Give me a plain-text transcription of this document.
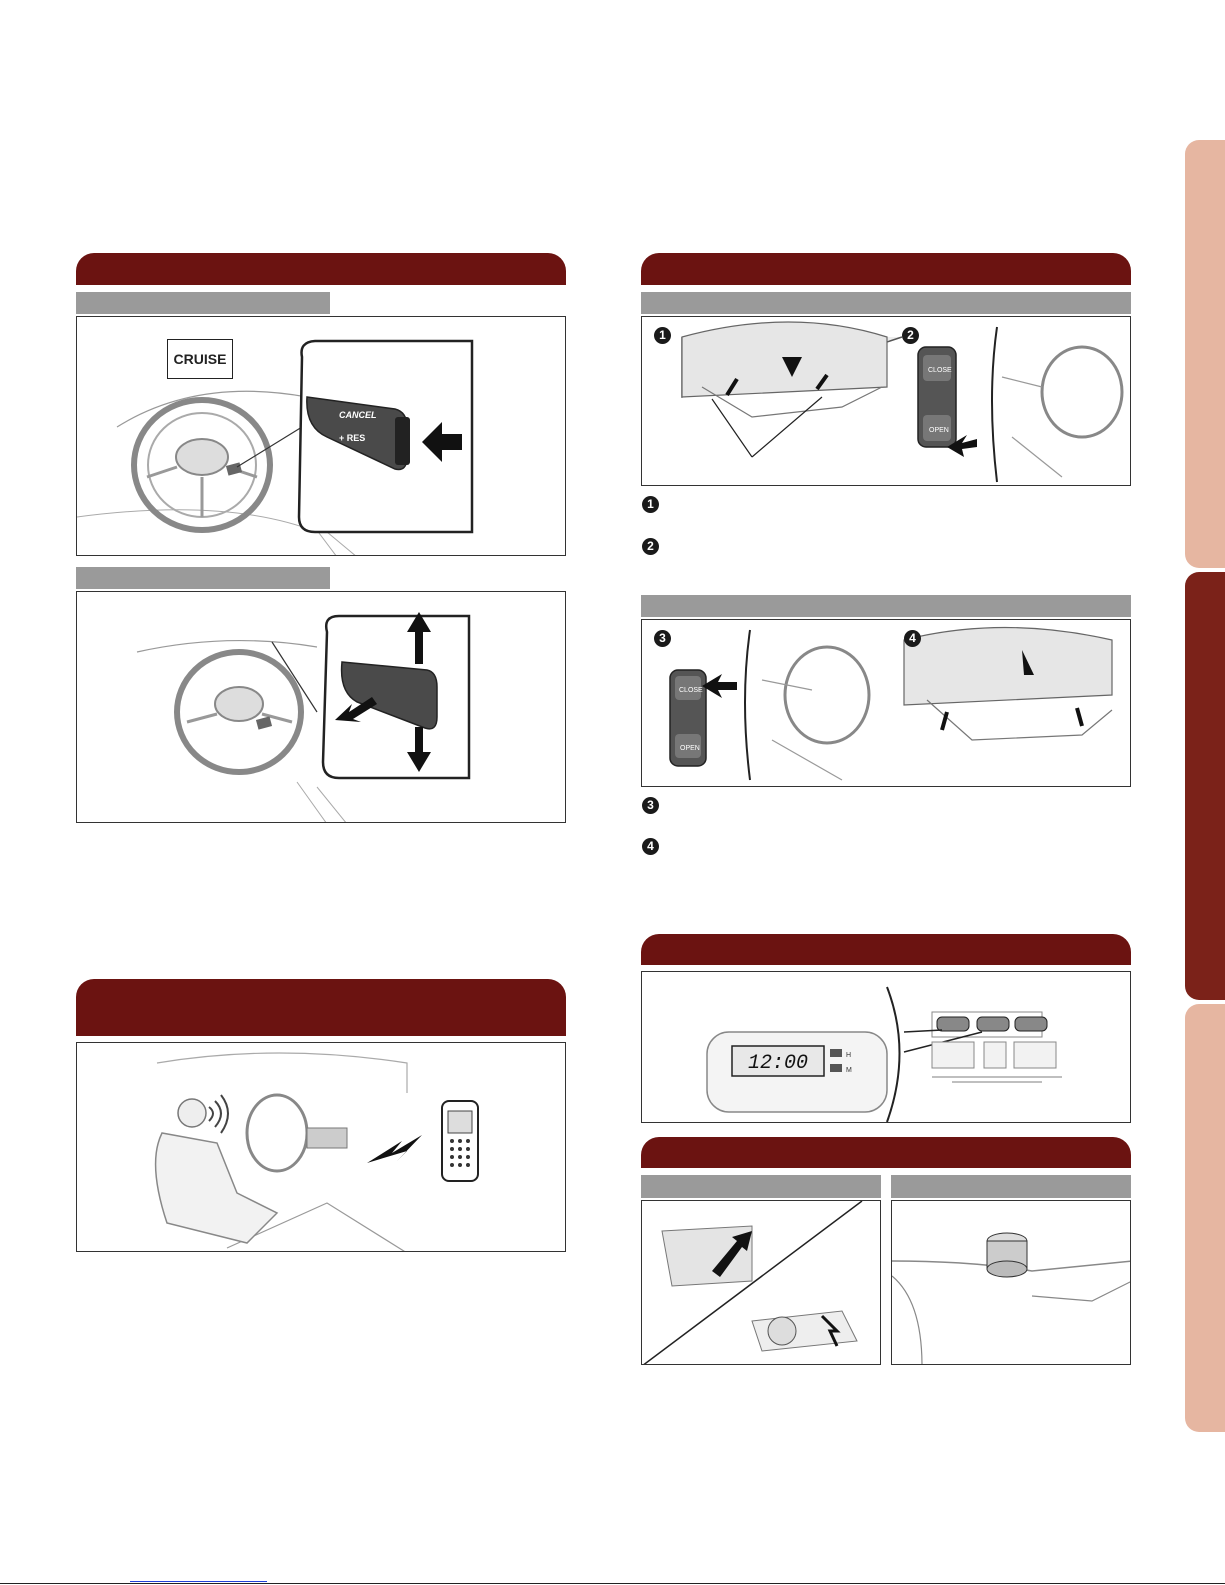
CANCEL
+ RES
— SET
CRUISE
CLOSE
OPEN
1	2
1
2
CLOSE
OPEN
3	4
3
4
12:00	H
M
